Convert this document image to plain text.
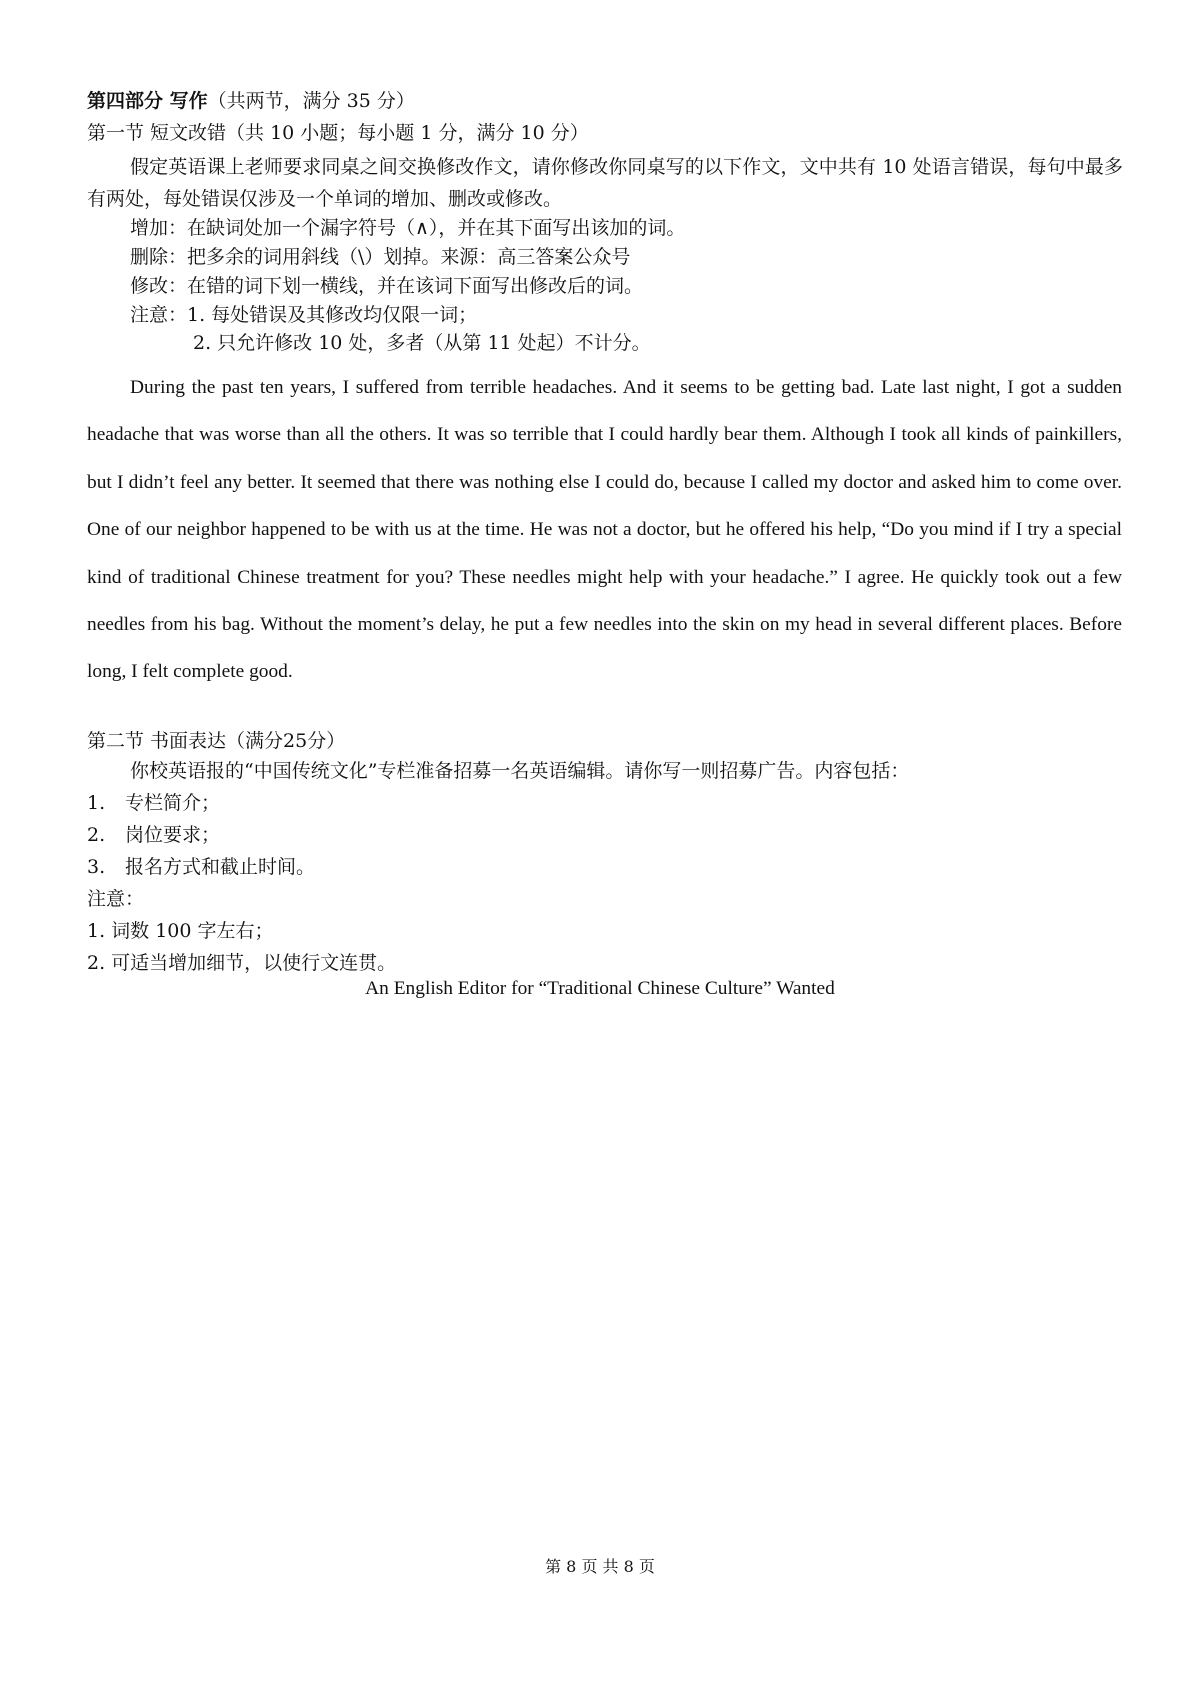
第四部分 写作（共两节，满分 35 分）
第一节 短文改错（共 10 小题；每小题 1 分，满分 10 分）

假定英语课上老师要求同桌之间交换修改作文，请你修改你同桌写的以下作文，文中共有 10 处语言错误，每句中最多有两处，每处错误仅涉及一个单词的增加、删改或修改。

增加：在缺词处加一个漏字符号（∧），并在其下面写出该加的词。
删除：把多余的词用斜线（\）划掉。来源：高三答案公众号
修改：在错的词下划一横线，并在该词下面写出修改后的词。
注意：1. 每处错误及其修改均仅限一词；
2. 只允许修改 10 处，多者（从第 11 处起）不计分。

During the past ten years, I suffered from terrible headaches. And it seems to be getting bad. Late last night, I got a sudden headache that was worse than all the others. It was so terrible that I could hardly bear them. Although I took all kinds of painkillers, but I didn’t feel any better. It seemed that there was nothing else I could do, because I called my doctor and asked him to come over. One of our neighbor happened to be with us at the time. He was not a doctor, but he offered his help, “Do you mind if I try a special kind of traditional Chinese treatment for you? These needles might help with your headache.” I agree. He quickly took out a few needles from his bag. Without the moment’s delay, he put a few needles into the skin on my head in several different places. Before long, I felt complete good.

第二节 书面表达（满分25分）
你校英语报的“中国传统文化”专栏准备招募一名英语编辑。请你写一则招募广告。内容包括：
1. 专栏简介；
2. 岗位要求；
3. 报名方式和截止时间。
注意：
1. 词数 100 字左右；
2. 可适当增加细节，以使行文连贯。
An English Editor for “Traditional Chinese Culture” Wanted
第 8 页 共 8 页
